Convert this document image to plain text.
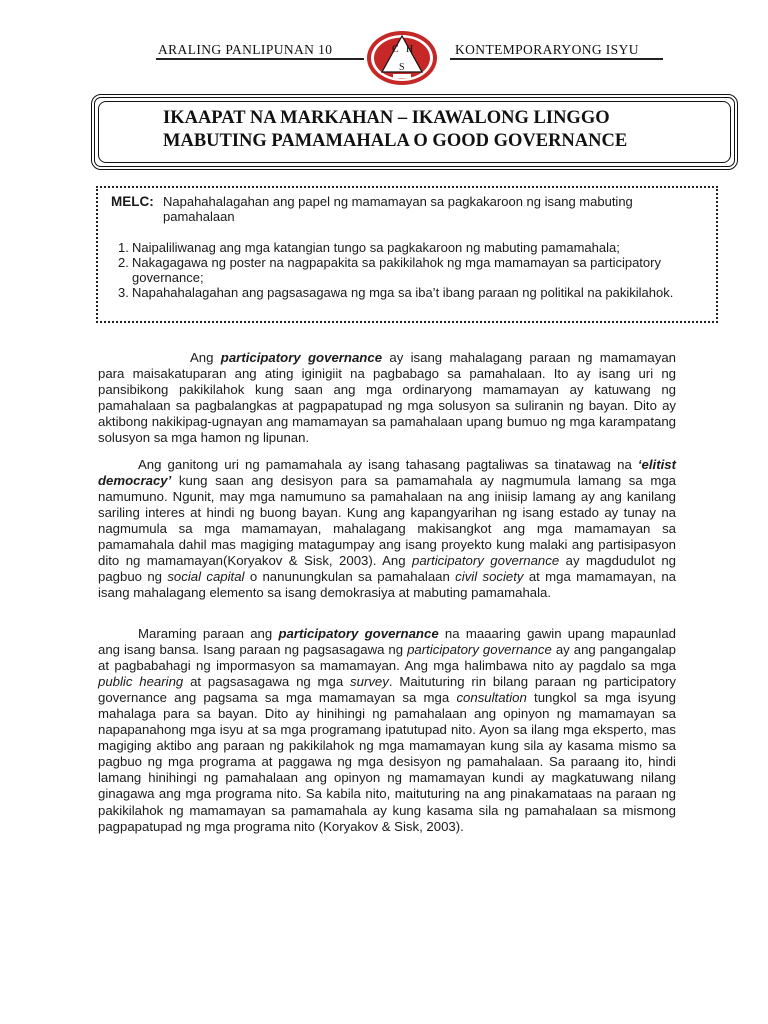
ARALING PANLIPUNAN 10	C H
S
KONTEMPORARYONG ISYU
IKAAPAT NA MARKAHAN – IKAWALONG LINGGO
MABUTING PAMAMAHALA O GOOD GOVERNANCE
MELC: Napahahalagahan ang papel ng mamamayan sa pagkakaroon ng isang mabuting pamahalaan
1. Naipaliliwanag ang mga katangian tungo sa pagkakaroon ng mabuting pamamahala;
2. Nakagagawa ng poster na nagpapakita sa pakikilahok ng mga mamamayan sa participatory governance;
3. Napahahalagahan ang pagsasagawa ng mga sa iba’t ibang paraan ng politikal na pakikilahok.

Ang participatory governance ay isang mahalagang paraan ng mamamayan para maisakatuparan ang ating iginigiit na pagbabago sa pamahalaan. Ito ay isang uri ng pansibikong pakikilahok kung saan ang mga ordinaryong mamamayan ay katuwang ng pamahalaan sa pagbalangkas at pagpapatupad ng mga solusyon sa suliranin ng bayan. Dito ay aktibong nakikipag-ugnayan ang mamamayan sa pamahalaan upang bumuo ng mga karampatang solusyon sa mga hamon ng lipunan.

Ang ganitong uri ng pamamahala ay isang tahasang pagtaliwas sa tinatawag na ‘elitist democracy’ kung saan ang desisyon para sa pamamahala ay nagmumula lamang sa mga namumuno. Ngunit, may mga namumuno sa pamahalaan na ang iniisip lamang ay ang kanilang sariling interes at hindi ng buong bayan. Kung ang kapangyarihan ng isang estado ay tunay na nagmumula sa mga mamamayan, mahalagang makisangkot ang mga mamamayan sa pamamahala dahil mas magiging matagumpay ang isang proyekto kung malaki ang partisipasyon dito ng mamamayan(Koryakov & Sisk, 2003). Ang participatory governance ay magdudulot ng pagbuo ng social capital o nanunungkulan sa pamahalaan civil society at mga mamamayan, na isang mahalagang elemento sa isang demokrasiya at mabuting pamamahala.

Maraming paraan ang participatory governance na maaaring gawin upang mapaunlad ang isang bansa. Isang paraan ng pagsasagawa ng participatory governance ay ang pangangalap at pagbabahagi ng impormasyon sa mamamayan. Ang mga halimbawa nito ay pagdalo sa mga public hearing at pagsasagawa ng mga survey. Maituturing rin bilang paraan ng participatory governance ang pagsama sa mga mamamayan sa mga consultation tungkol sa mga isyung mahalaga para sa bayan. Dito ay hinihingi ng pamahalaan ang opinyon ng mamamayan sa napapanahong mga isyu at sa mga programang ipatutupad nito. Ayon sa ilang mga eksperto, mas magiging aktibo ang paraan ng pakikilahok ng mga mamamayan kung sila ay kasama mismo sa pagbuo ng mga programa at paggawa ng mga desisyon ng pamahalaan. Sa paraang ito, hindi lamang hinihingi ng pamahalaan ang opinyon ng mamamayan kundi ay magkatuwang nilang ginagawa ang mga programa nito. Sa kabila nito, maituturing na ang pinakamataas na paraan ng pakikilahok ng mamamayan sa pamamahala ay kung kasama sila ng pamahalaan sa mismong pagpapatupad ng mga programa nito (Koryakov & Sisk, 2003).
